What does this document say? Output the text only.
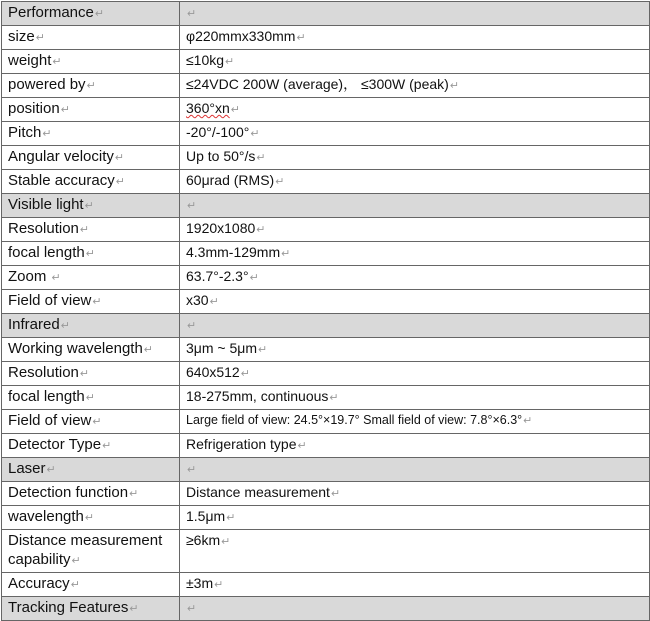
Performance↵	↵
size↵	φ220mmx330mm↵
weight↵	≤10kg↵
powered by↵	≤24VDC 200W (average)， ≤300W (peak)↵
position↵	360°xn↵
Pitch↵	-20°/-100°↵
Angular velocity↵	Up to 50°/s↵
Stable accuracy↵	60μrad (RMS)↵
Visible light↵	↵
Resolution↵	1920x1080↵
focal length↵	4.3mm-129mm↵
Zoom ↵	63.7°-2.3°↵
Field of view↵	x30↵
Infrared↵	↵
Working wavelength↵	3μm ~ 5μm↵
Resolution↵	640x512↵
focal length↵	18-275mm, continuous↵
Field of view↵	Large field of view: 24.5°×19.7° Small field of view: 7.8°×6.3°↵
Detector Type↵	Refrigeration type↵
Laser↵	↵
Detection function↵	Distance measurement↵
wavelength↵	1.5μm↵
Distance measurement capability↵	≥6km↵
Accuracy↵	±3m↵
Tracking Features↵	↵
